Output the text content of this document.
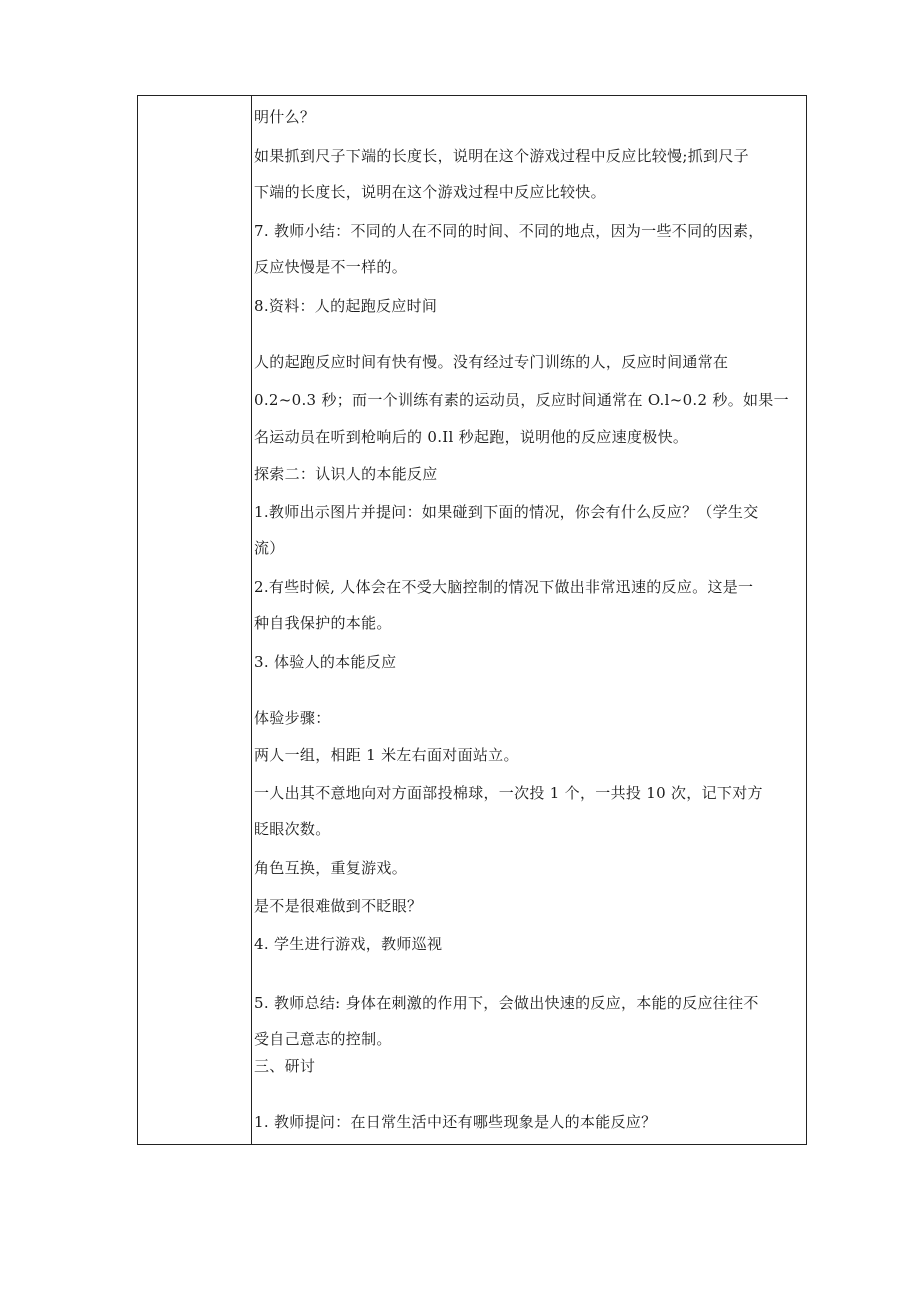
明什么？
如果抓到尺子下端的长度长，说明在这个游戏过程中反应比较慢;抓到尺子
下端的长度长，说明在这个游戏过程中反应比较快。
7. 教师小结：不同的人在不同的时间、不同的地点，因为一些不同的因素，
反应快慢是不一样的。
8.资料：人的起跑反应时间
人的起跑反应时间有快有慢。没有经过专门训练的人，反应时间通常在
0.2~0.3 秒；而一个训练有素的运动员，反应时间通常在 O.l~0.2 秒。如果一
名运动员在听到枪响后的 0.Il 秒起跑，说明他的反应速度极快。
探索二：认识人的本能反应
1.教师出示图片并提问：如果碰到下面的情况，你会有什么反应？（学生交
流）
2.有些时候, 人体会在不受大脑控制的情况下做出非常迅速的反应。这是一
种自我保护的本能。
3. 体验人的本能反应
体验步骤：
两人一组，相距 1 米左右面对面站立。
一人出其不意地向对方面部投棉球，一次投 1 个，一共投 10 次，记下对方
眨眼次数。
角色互换，重复游戏。
是不是很难做到不眨眼？
4. 学生进行游戏，教师巡视
5. 教师总结: 身体在刺激的作用下，会做出快速的反应，本能的反应往往不
受自己意志的控制。
三、研讨
1. 教师提问：在日常生活中还有哪些现象是人的本能反应？
